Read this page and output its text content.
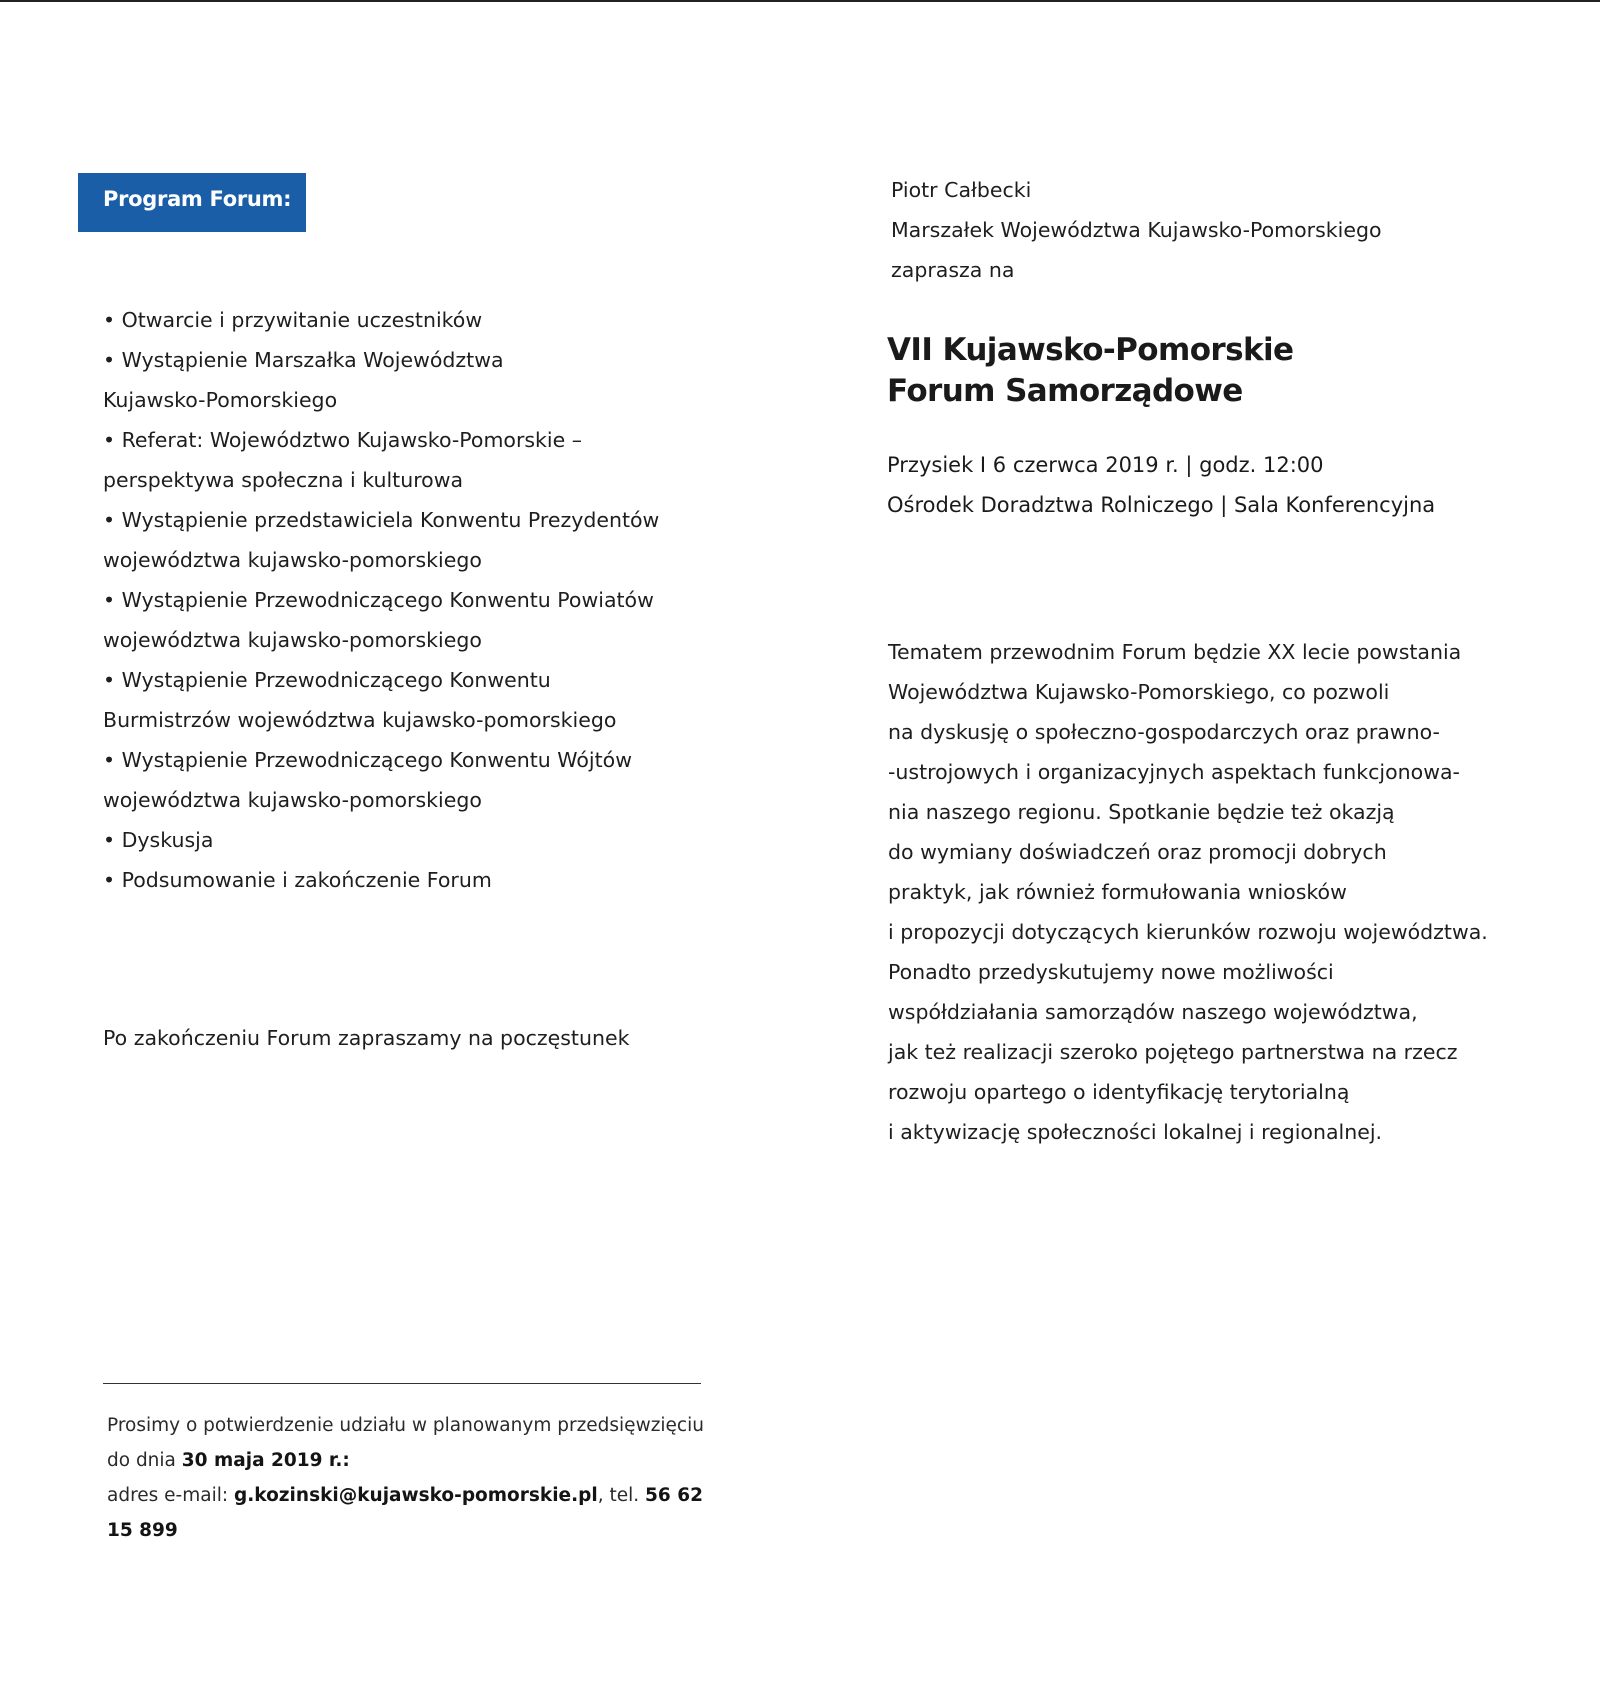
Program Forum:
• Otwarcie i przywitanie uczestników
• Wystąpienie Marszałka Województwa
Kujawsko-Pomorskiego
• Referat: Województwo Kujawsko-Pomorskie –
perspektywa społeczna i kulturowa
• Wystąpienie przedstawiciela Konwentu Prezydentów
województwa kujawsko-pomorskiego
• Wystąpienie Przewodniczącego Konwentu Powiatów
województwa kujawsko-pomorskiego
• Wystąpienie Przewodniczącego Konwentu
Burmistrzów województwa kujawsko-pomorskiego
• Wystąpienie Przewodniczącego Konwentu Wójtów
województwa kujawsko-pomorskiego
• Dyskusja
• Podsumowanie i zakończenie Forum
Po zakończeniu Forum zapraszamy na poczęstunek
Prosimy o potwierdzenie udziału w planowanym przedsięwzięciu
do dnia 30 maja 2019 r.:
adres e-mail: g.kozinski@kujawsko-pomorskie.pl, tel. 56 62 15 899
Piotr Całbecki
Marszałek Województwa Kujawsko-Pomorskiego
zaprasza na
VII Kujawsko-Pomorskie
Forum Samorządowe
Przysiek I 6 czerwca 2019 r. | godz. 12:00
Ośrodek Doradztwa Rolniczego | Sala Konferencyjna
Tematem przewodnim Forum będzie XX lecie powstania
Województwa Kujawsko-Pomorskiego, co pozwoli
na dyskusję o społeczno-gospodarczych oraz prawno-
-ustrojowych i organizacyjnych aspektach funkcjonowa-
nia naszego regionu. Spotkanie będzie też okazją
do wymiany doświadczeń oraz promocji dobrych
praktyk, jak również formułowania wniosków
i propozycji dotyczących kierunków rozwoju województwa.
Ponadto przedyskutujemy nowe możliwości
współdziałania samorządów naszego województwa,
jak też realizacji szeroko pojętego partnerstwa na rzecz
rozwoju opartego o identyfikację terytorialną
i aktywizację społeczności lokalnej i regionalnej.
